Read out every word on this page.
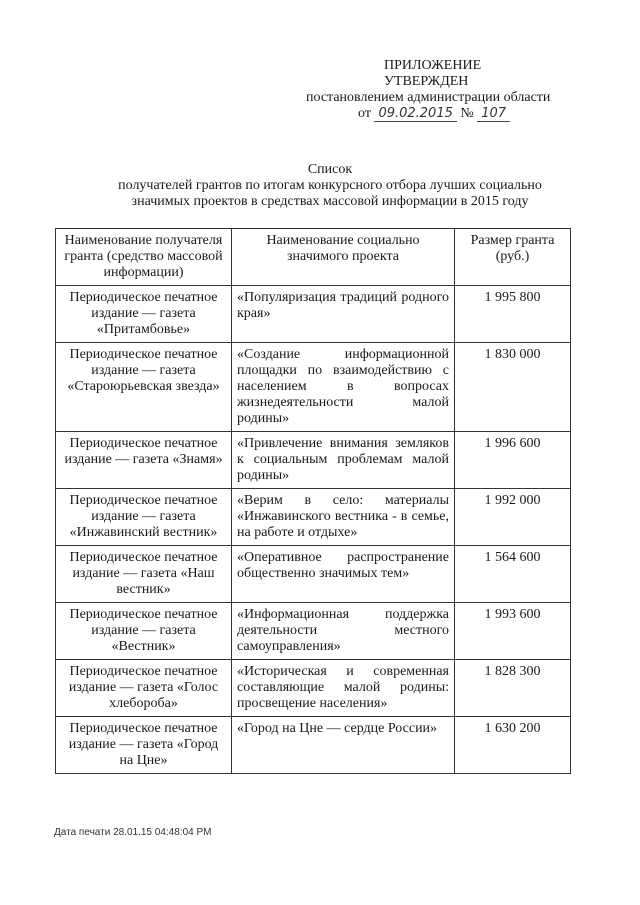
ПРИЛОЖЕНИЕ
УТВЕРЖДЕН
постановлением администрации области
от 09.02.2015 № 107
Список
получателей грантов по итогам конкурсного отбора лучших социально
значимых проектов в средствах массовой информации в 2015 году
Наименование получателя гранта (средство массовой информации)	Наименование социально значимого проекта	Размер гранта (руб.)
Периодическое печатное издание — газета «Притамбовье»	«Популяризация традиций родного края»	1 995 800
Периодическое печатное издание — газета «Староюрьевская звезда»	«Создание информационной площадки по взаимодействию с населением в вопросах жизнедеятельности малой родины»	1 830 000
Периодическое печатное издание — газета «Знамя»	«Привлечение внимания земляков к социальным проблемам малой родины»	1 996 600
Периодическое печатное издание — газета «Инжавинский вестник»	«Верим в село: материалы «Инжавинского вестника - в семье, на работе и отдыхе»	1 992 000
Периодическое печатное издание — газета «Наш вестник»	«Оперативное распространение общественно значимых тем»	1 564 600
Периодическое печатное издание — газета «Вестник»	«Информационная поддержка деятельности местного самоуправления»	1 993 600
Периодическое печатное издание — газета «Голос хлебороба»	«Историческая и современная составляющие малой родины: просвещение населения»	1 828 300
Периодическое печатное издание — газета «Город на Цне»	«Город на Цне — сердце России»	1 630 200
Дата печати 28.01.15 04:48:04 PM
